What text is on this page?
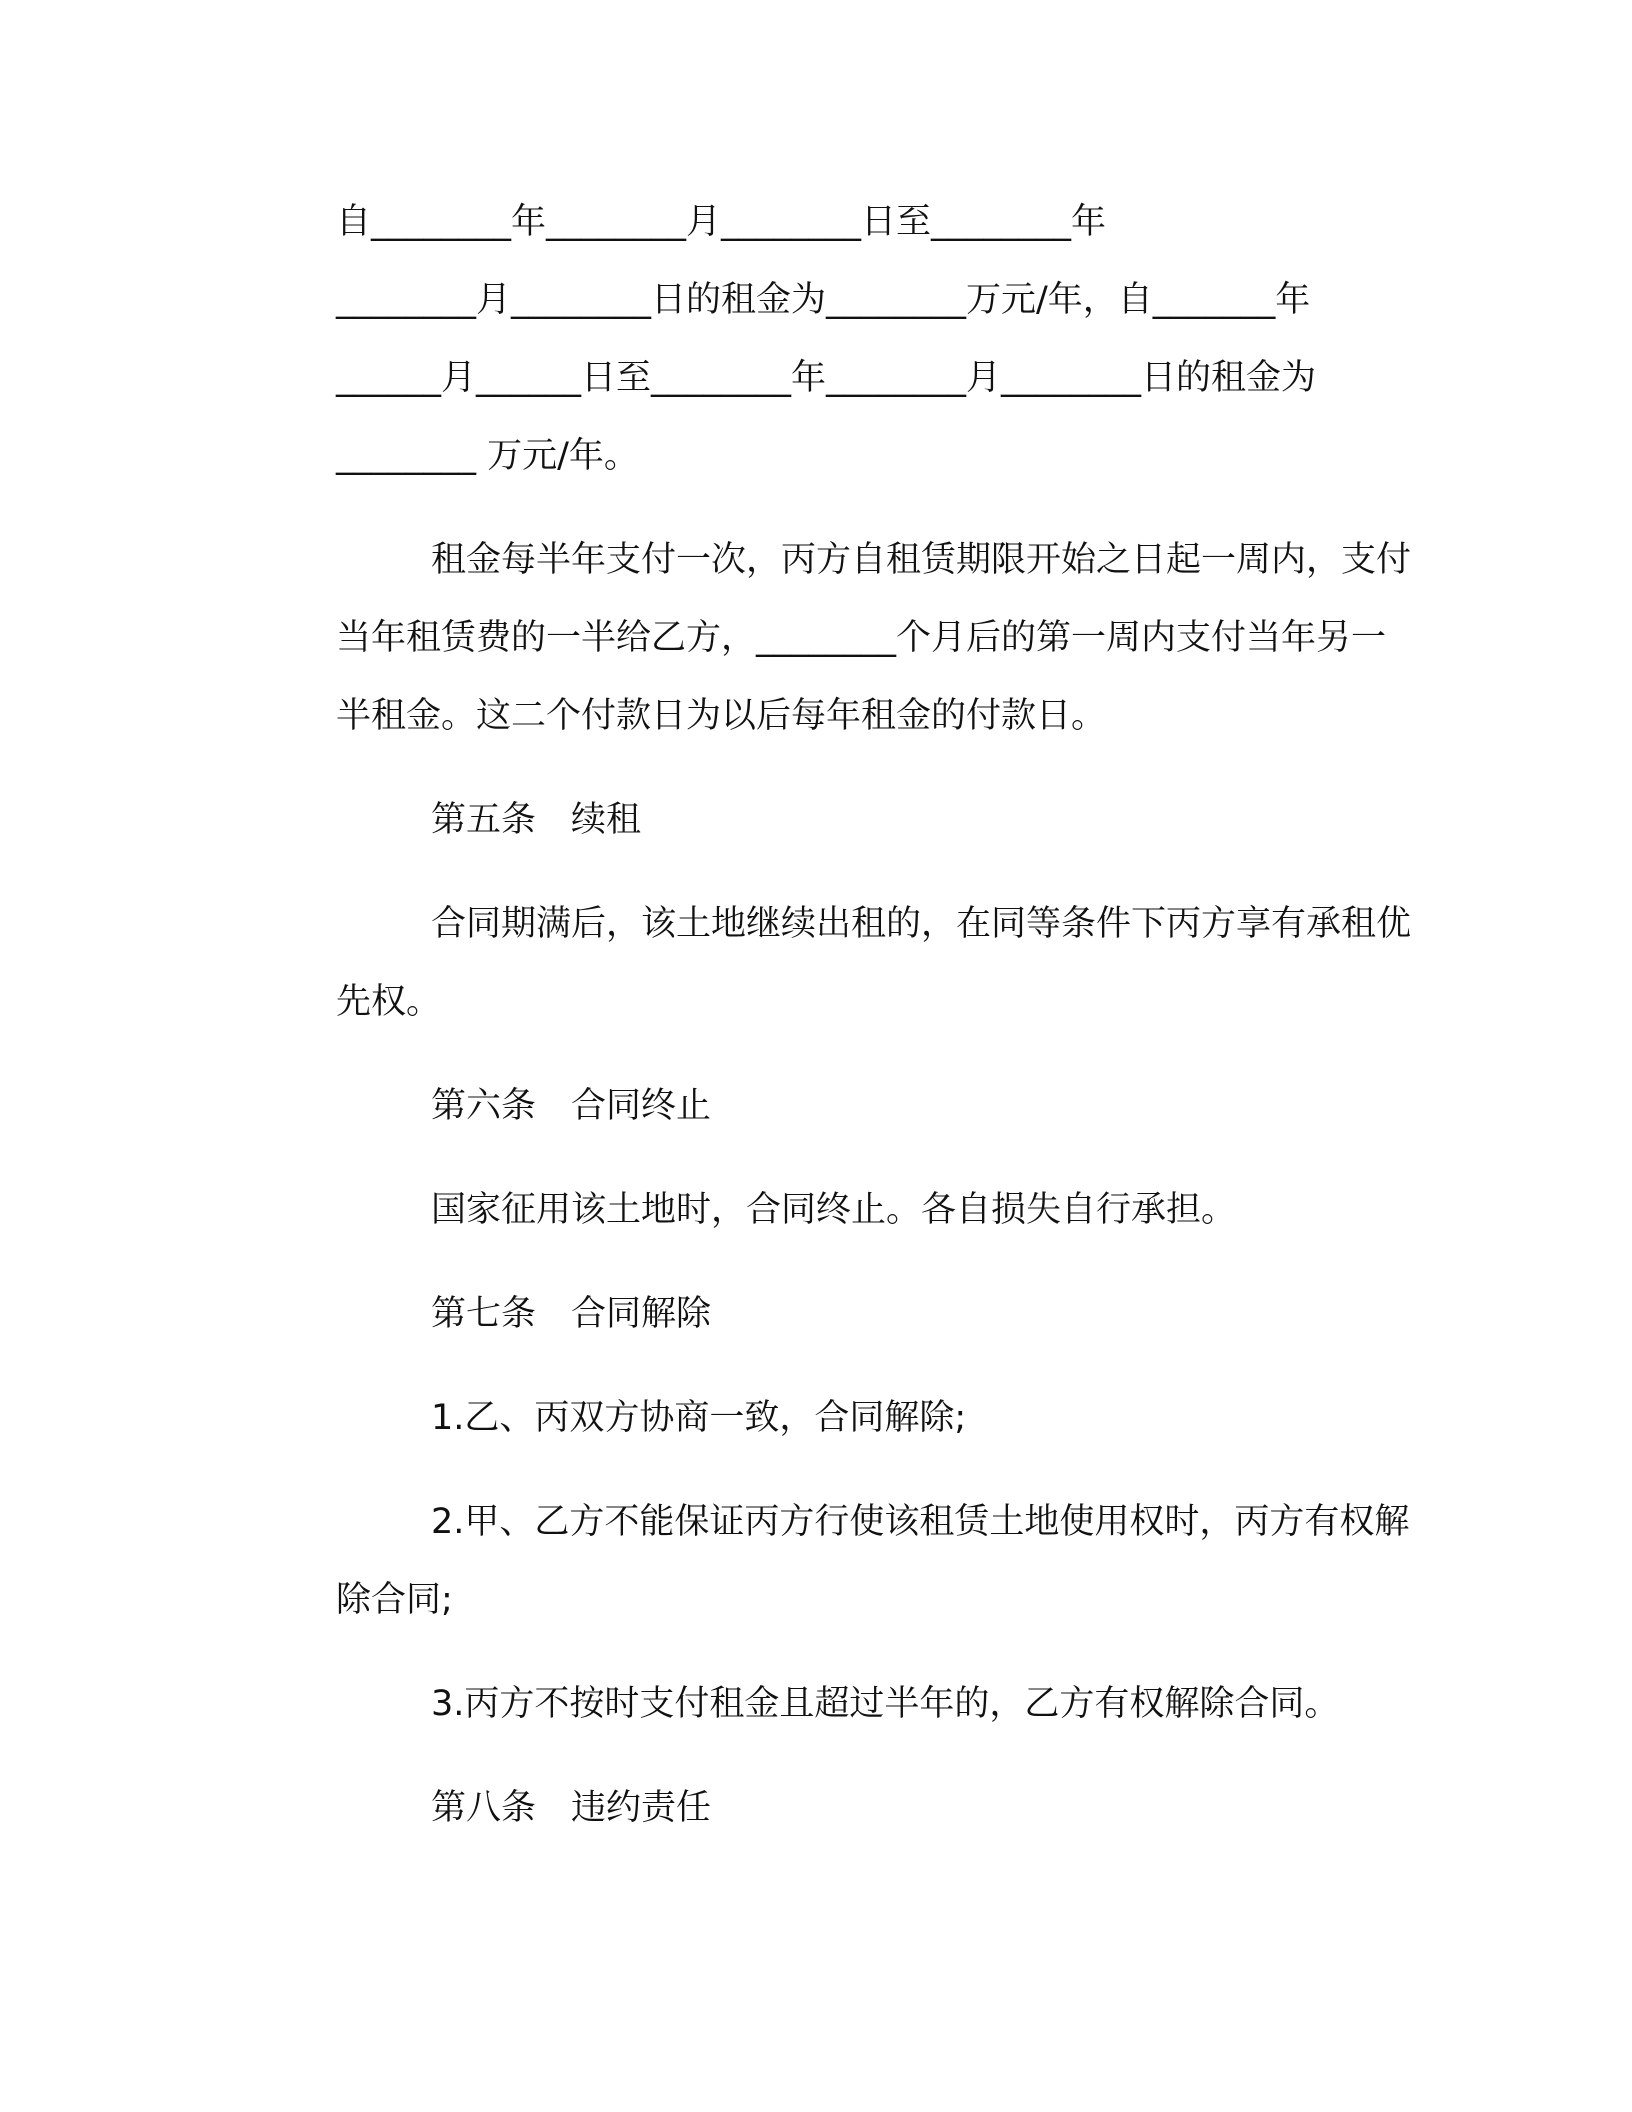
自________年________月________日至________年
________月________日的租金为________万元/年，自_______年
______月______日至________年________月________日的租金为
________ 万元/年。

租金每半年支付一次，丙方自租赁期限开始之日起一周内，支付
当年租赁费的一半给乙方，________个月后的第一周内支付当年另一
半租金。这二个付款日为以后每年租金的付款日。

第五条　续租

合同期满后，该土地继续出租的，在同等条件下丙方享有承租优
先权。

第六条　合同终止

国家征用该土地时，合同终止。各自损失自行承担。

第七条　合同解除

1.乙、丙双方协商一致，合同解除;

2.甲、乙方不能保证丙方行使该租赁土地使用权时，丙方有权解
除合同;

3.丙方不按时支付租金且超过半年的，乙方有权解除合同。

第八条　违约责任
